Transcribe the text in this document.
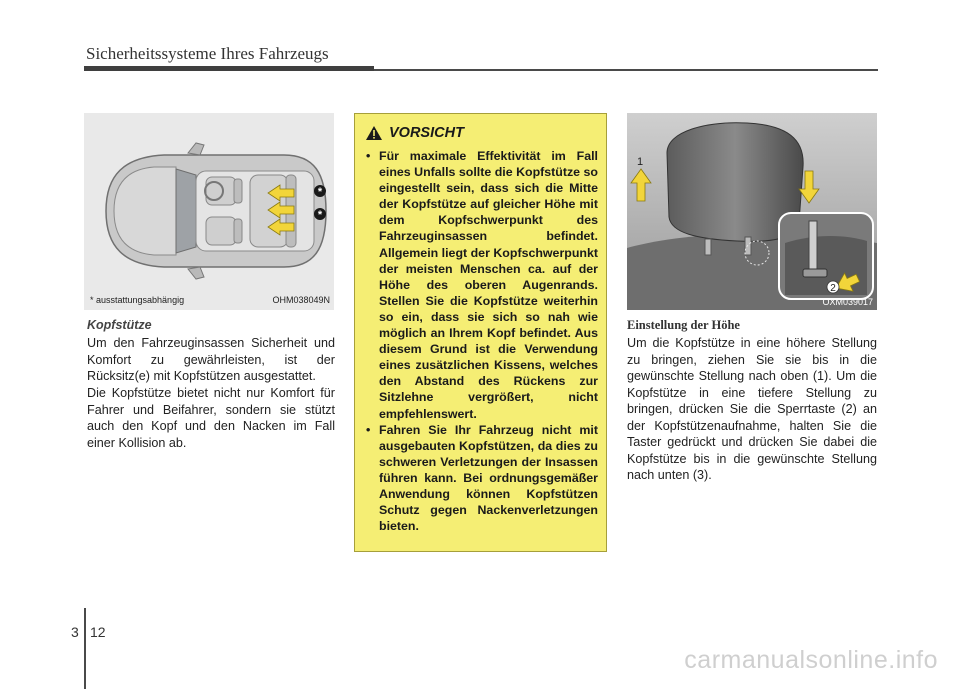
Sicherheitssysteme Ihres Fahrzeugs
*
*
* ausstattungsabhängig	OHM038049N
Kopfstütze
Um den Fahrzeuginsassen Sicherheit und Komfort zu gewährleisten, ist der Rücksitz(e) mit Kopfstützen ausgestattet.
Die Kopfstütze bietet nicht nur Komfort für Fahrer und Beifahrer, sondern sie stützt auch den Kopf und den Nacken im Fall einer Kollision ab.
VORSICHT
• Für maximale Effektivität im Fall eines Unfalls sollte die Kopfstütze so eingestellt sein, dass sich die Mitte der Kopfstütze auf gleicher Höhe mit dem Kopfschwerpunkt des Fahrzeuginsassen befindet. Allgemein liegt der Kopfschwerpunkt der meisten Menschen ca. auf der Höhe des oberen Augenrands. Stellen Sie die Kopfstütze weiterhin so ein, dass sie sich so nah wie möglich an Ihrem Kopf befindet. Aus diesem Grund ist die Verwendung eines zusätzlichen Kissens, welches den Abstand des Rückens zur Sitzlehne vergrößert, nicht empfehlenswert.
• Fahren Sie Ihr Fahrzeug nicht mit ausgebauten Kopfstützen, da dies zu schweren Verletzungen der Insassen führen kann. Bei ordnungsgemäßer Anwendung können Kopfstützen Schutz gegen Nackenverletzungen bieten.
1
2
OXM039017
Einstellung der Höhe
Um die Kopfstütze in eine höhere Stellung zu bringen, ziehen Sie sie bis in die gewünschte Stellung nach oben (1). Um die Kopfstütze in eine tiefere Stellung zu bringen, drücken Sie die Sperrtaste (2) an der Kopfstützenaufnahme, halten Sie die Taster gedrückt und drücken Sie dabei die Kopfstütze bis in die gewünschte Stellung nach unten (3).
3 12
carmanualsonline.info
